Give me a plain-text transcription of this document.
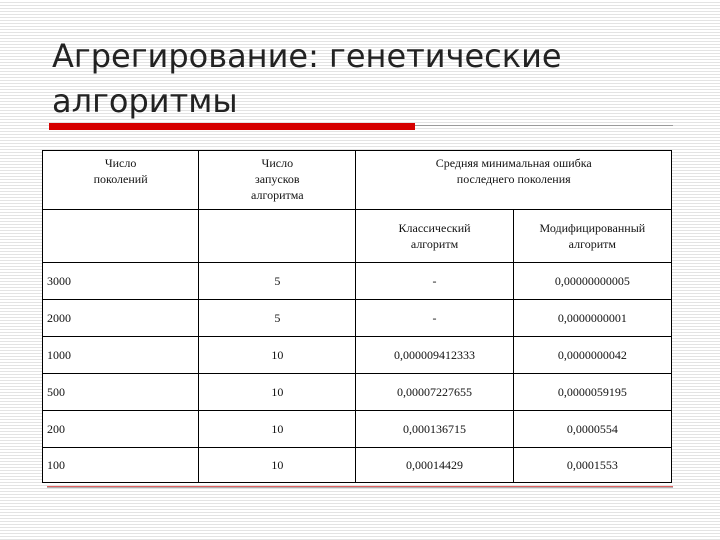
Агрегирование: генетические
алгоритмы
Число поколений	Число запусков алгоритма	Средняя минимальная ошибка последнего поколения	
		Классический алгоритм	Модифицированный алгоритм
3000	5	-	0,00000000005
2000	5	-	0,0000000001
1000	10	0,000009412333	0,0000000042
500	10	0,00007227655	0,0000059195
200	10	0,000136715	0,0000554
100	10	0,00014429	0,0001553
